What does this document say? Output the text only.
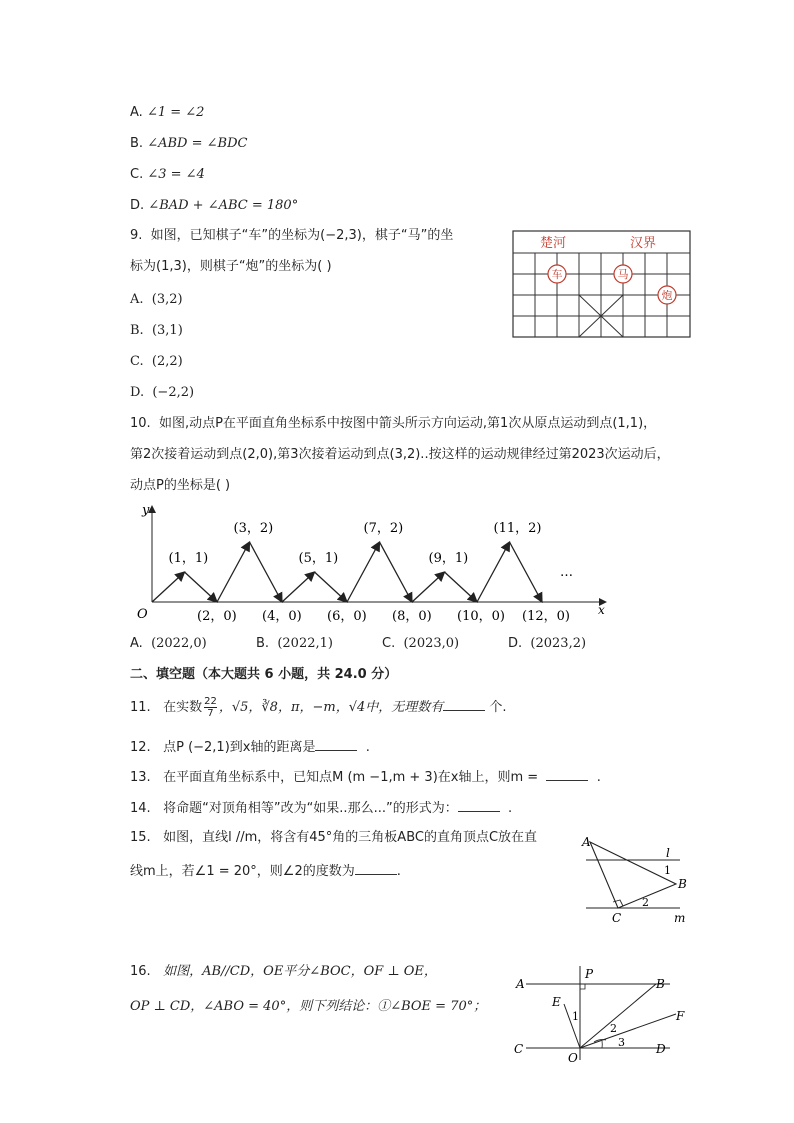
A. ∠1 = ∠2
B. ∠ABD = ∠BDC
C. ∠3 = ∠4
D. ∠BAD + ∠ABC = 180°
9. 如图，已知棋子“车”的坐标为(−2,3)，棋子“马”的坐
标为(1,3)，则棋子“炮”的坐标为( )
A. (3,2)
B. (3,1)
C. (2,2)
D. (−2,2)
楚河	汉界
车	马
炮
10. 如图,动点P在平面直角坐标系中按图中箭头所示方向运动,第1次从原点运动到点(1,1)，
第2次接着运动到点(2,0),第3次接着运动到点(3,2)..按这样的运动规律经过第2023次运动后，
动点P的坐标是( )
y
x
O
(1，1)
(3，2)
(5，1)
(7，2)
(9，1)
(11，2)
(2，0) (4，0) (6，0) (8，0) (10，0) (12，0)
…
A. (2022,0)	B. (2022,1)	C. (2023,0)	D. (2023,2)
二、填空题（本大题共 6 小题，共 24.0 分）
11. 在实数 $\frac{22}{7}$ ，√5，∛8，π，−m，√4中，无理数有	个.
12. 点P (−2,1)到x轴的距离是	.
13. 在平面直角坐标系中，已知点M (m −1,m + 3)在x轴上，则m =	.
14. 将命题“对顶角相等”改为“如果..那么...”的形式为：	.
15. 如图，直线l //m，将含有45°角的三角板ABC的直角顶点C放在直
线m上，若∠1 = 20°，则∠2的度数为	.
A
B
C
l
m
1
2
16. 如图，AB//CD，OE平分∠BOC，OF ⊥ OE，
OP ⊥ CD，∠ABO = 40°，则下列结论：①∠BOE = 70°；
A
P
B
E
F
C
O
D
1
2
3
